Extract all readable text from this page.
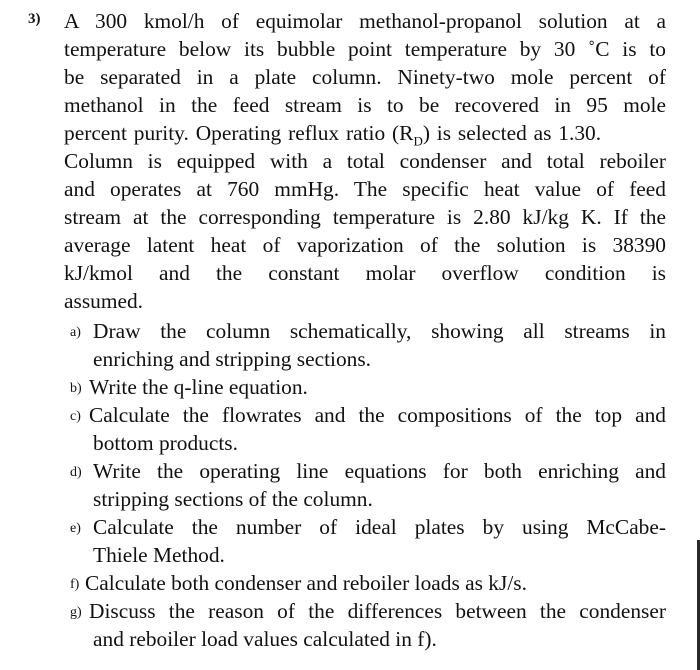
3) A 300 kmol/h of equimolar methanol-propanol solution at a
temperature below its bubble point temperature by 30 ˚C is to
be separated in a plate column. Ninety-two mole percent of
methanol in the feed stream is to be recovered in 95 mole
percent purity. Operating reflux ratio $(R_D)$ is selected as 1.30.
Column is equipped with a total condenser and total reboiler
and operates at 760 mmHg. The specific heat value of feed
stream at the corresponding temperature is 2.80 kJ/kg K. If the
average latent heat of vaporization of the solution is 38390
kJ/kmol and the constant molar overflow condition is
assumed.
a) Draw the column schematically, showing all streams in
enriching and stripping sections.
b) Write the q-line equation.
c) Calculate the flowrates and the compositions of the top and
bottom products.
d) Write the operating line equations for both enriching and
stripping sections of the column.
e) Calculate the number of ideal plates by using McCabe-
Thiele Method.
f) Calculate both condenser and reboiler loads as kJ/s.
g) Discuss the reason of the differences between the condenser
and reboiler load values calculated in f).
